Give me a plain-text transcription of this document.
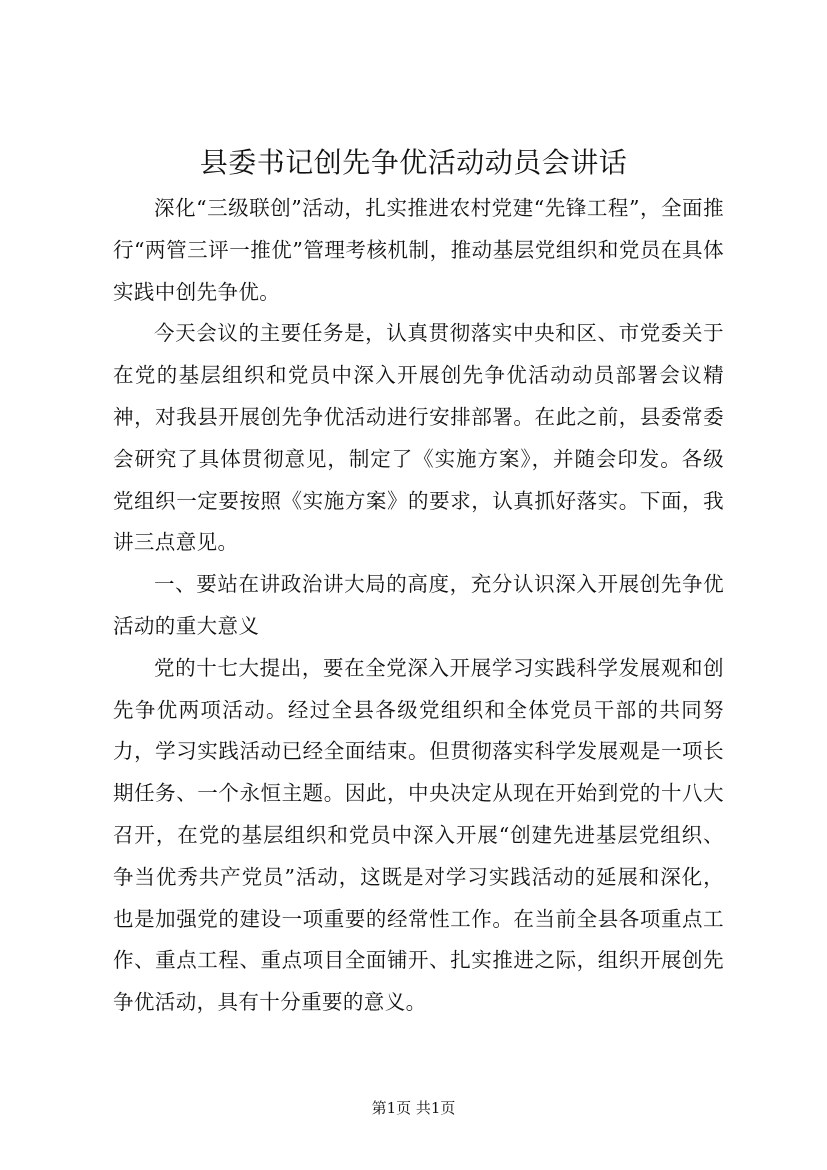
县委书记创先争优活动动员会讲话

深化“三级联创”活动，扎实推进农村党建“先锋工程”，全面推行“两管三评一推优”管理考核机制，推动基层党组织和党员在具体实践中创先争优。

今天会议的主要任务是，认真贯彻落实中央和区、市党委关于在党的基层组织和党员中深入开展创先争优活动动员部署会议精神，对我县开展创先争优活动进行安排部署。在此之前，县委常委会研究了具体贯彻意见，制定了《实施方案》，并随会印发。各级党组织一定要按照《实施方案》的要求，认真抓好落实。下面，我讲三点意见。

一、要站在讲政治讲大局的高度，充分认识深入开展创先争优活动的重大意义

党的十七大提出，要在全党深入开展学习实践科学发展观和创先争优两项活动。经过全县各级党组织和全体党员干部的共同努力，学习实践活动已经全面结束。但贯彻落实科学发展观是一项长期任务、一个永恒主题。因此，中央决定从现在开始到党的十八大召开，在党的基层组织和党员中深入开展“创建先进基层党组织、争当优秀共产党员”活动，这既是对学习实践活动的延展和深化，也是加强党的建设一项重要的经常性工作。在当前全县各项重点工作、重点工程、重点项目全面铺开、扎实推进之际，组织开展创先争优活动，具有十分重要的意义。

第1页 共1页
